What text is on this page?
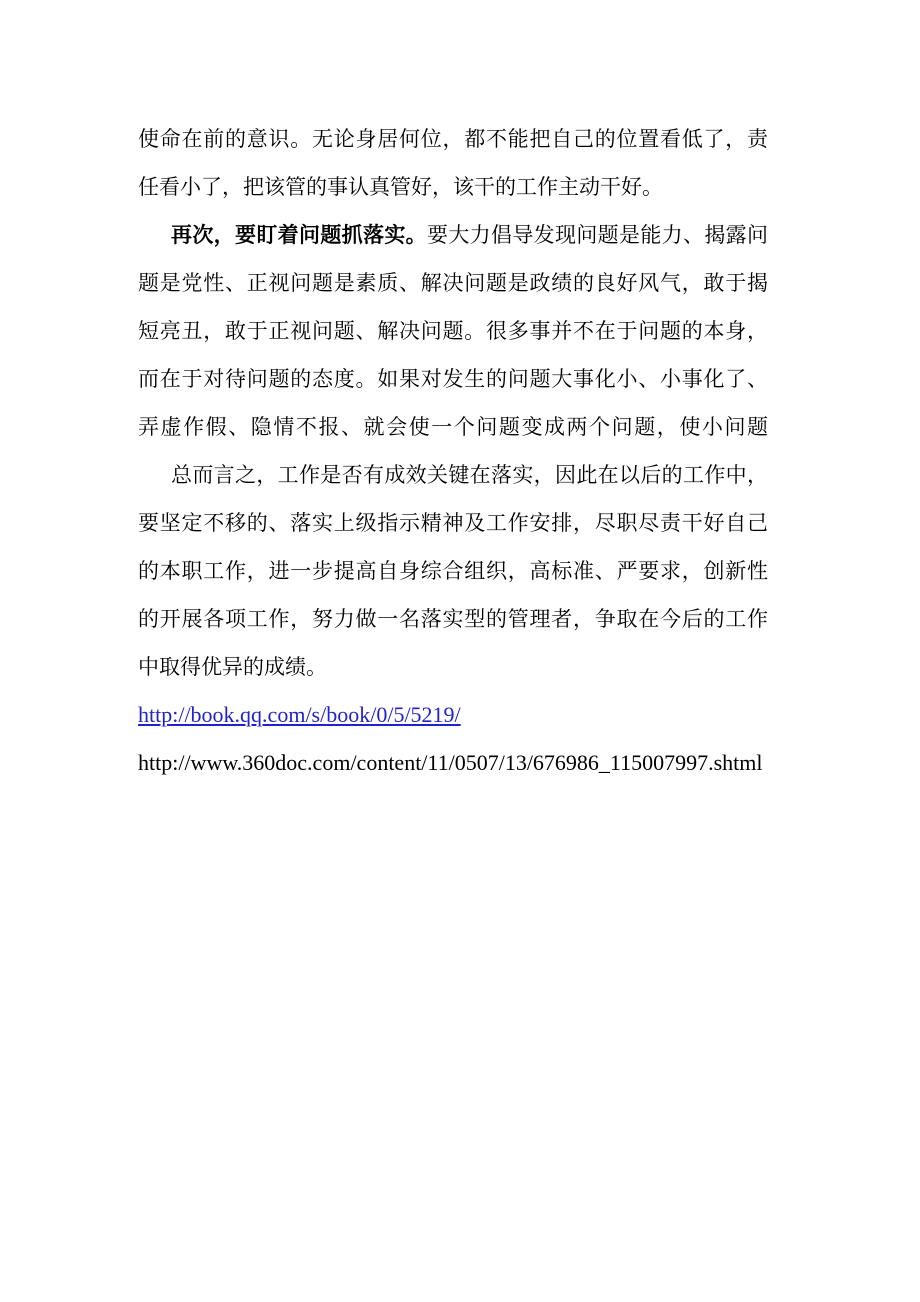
使命在前的意识。无论身居何位，都不能把自己的位置看低了，责
任看小了，把该管的事认真管好，该干的工作主动干好。
再次，要盯着问题抓落实。要大力倡导发现问题是能力、揭露问
题是党性、正视问题是素质、解决问题是政绩的良好风气，敢于揭
短亮丑，敢于正视问题、解决问题。很多事并不在于问题的本身，
而在于对待问题的态度。如果对发生的问题大事化小、小事化了、
弄虚作假、隐情不报、就会使一个问题变成两个问题，使小问题
总而言之，工作是否有成效关键在落实，因此在以后的工作中，
要坚定不移的、落实上级指示精神及工作安排，尽职尽责干好自己
的本职工作，进一步提高自身综合组织，高标准、严要求，创新性
的开展各项工作，努力做一名落实型的管理者，争取在今后的工作
中取得优异的成绩。
http://book.qq.com/s/book/0/5/5219/
http://www.360doc.com/content/11/0507/13/676986_115007997.shtml
